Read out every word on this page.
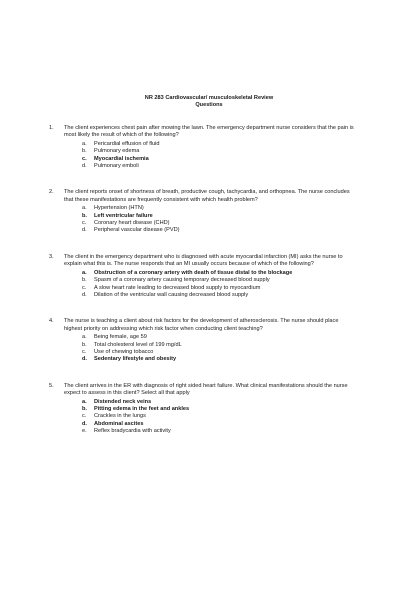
NR 283 Cardiovascular/ musculoskeletal Review
Questions
1. The client experiences chest pain after mowing the lawn. The emergency department nurse considers that the pain is most likely the result of which of the following?

a. Pericardial effusion of fluid
b. Pulmonary edema
c. Myocardial ischemia
d. Pulmonary emboli
2. The client reports onset of shortness of breath, productive cough, tachycardia, and orthopnea. The nurse concludes that these manifestations are frequently consistent with which health problem?

a. Hypertension (HTN)
b. Left ventricular failure
c. Coronary heart disease (CHD)
d. Peripheral vascular disease (PVD)
3. The client in the emergency department who is diagnosed with acute myocardial infarction (MI) asks the nurse to explain what this is. The nurse responds that an MI usually occurs because of which of the following?

a. Obstruction of a coronary artery with death of tissue distal to the blockage
b. Spasm of a coronary artery causing temporary decreased blood supply
c. A slow heart rate leading to decreased blood supply to myocardium
d. Dilation of the ventricular wall causing decreased blood supply
4. The nurse is teaching a client about risk factors for the development of atherosclerosis. The nurse should place highest priority on addressing which risk factor when conducting client teaching?

a. Being female, age 59
b. Total cholesterol level of 199 mg/dL
c. Use of chewing tobacco
d. Sedentary lifestyle and obesity
5. The client arrives in the ER with diagnosis of right sided heart failure. What clinical manifestations should the nurse expect to assess in this client? Select all that apply

a. Distended neck veins
b. Pitting edema in the feet and ankles
c. Crackles in the lungs
d. Abdominal ascites
e. Reflex bradycardia with activity
